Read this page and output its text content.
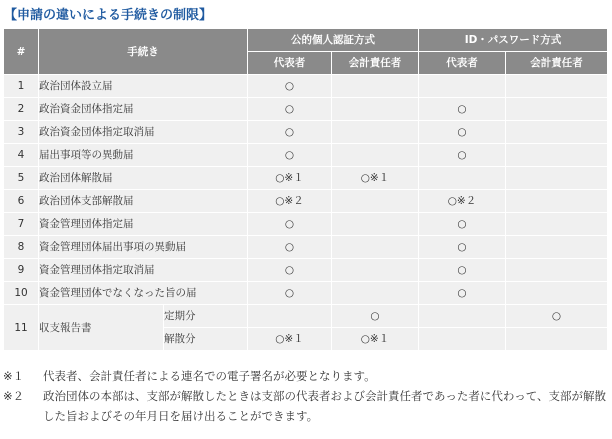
【申請の違いによる手続きの制限】
#	手続き		公的個人認証方式		ID・パスワード方式	
			代表者	会計責任者	代表者	会計責任者
1	政治団体設立届		○			
2	政治資金団体指定届		○		○	
3	政治資金団体指定取消届		○		○	
4	届出事項等の異動届		○		○	
5	政治団体解散届		○※１	○※１		
6	政治団体支部解散届		○※２		○※２	
7	資金管理団体指定届		○		○	
8	資金管理団体届出事項の異動届		○		○	
9	資金管理団体指定取消届		○		○	
10	資金管理団体でなくなった旨の届		○		○	
11	収支報告書	定期分		○		○
		解散分	○※１	○※１		
※１	代表者、会計責任者による連名での電子署名が必要となります。
※２	政治団体の本部は、支部が解散したときは支部の代表者および会計責任者であった者に代わって、支部が解散した旨およびその年月日を届け出ることができます。
